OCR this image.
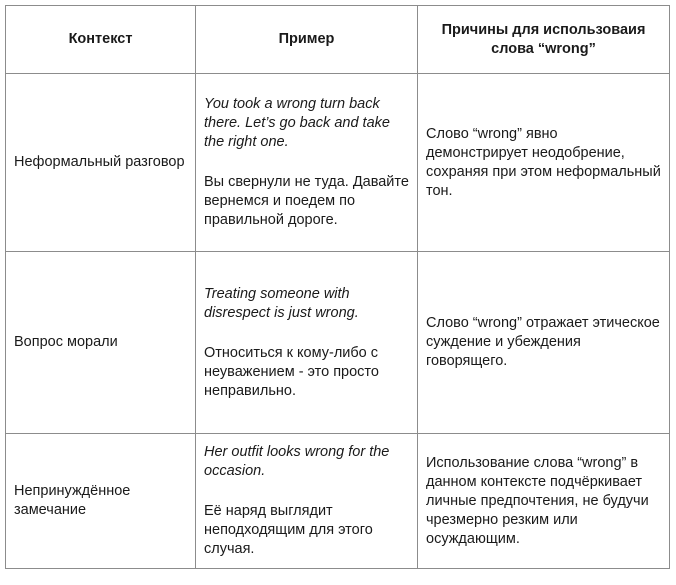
Контекст	Пример	Причины для использоваия слова “wrong”
Неформальный разговор	You took a wrong turn back there. Let’s go back and take the right one.

Вы свернули не туда. Давайте вернемся и поедем по правильной дороге.	Слово “wrong” явно демонстрирует неодобрение, сохраняя при этом неформальный тон.
Вопрос морали	Treating someone with disrespect is just wrong.

Относиться к кому-либо с неуважением - это просто неправильно.	Слово “wrong” отражает этическое суждение и убеждения говорящего.
Непринуждённое замечание	Her outfit looks wrong for the occasion.

Её наряд выглядит неподходящим для этого случая.	Использование слова “wrong” в данном контексте подчёркивает личные предпочтения, не будучи чрезмерно резким или осуждающим.
